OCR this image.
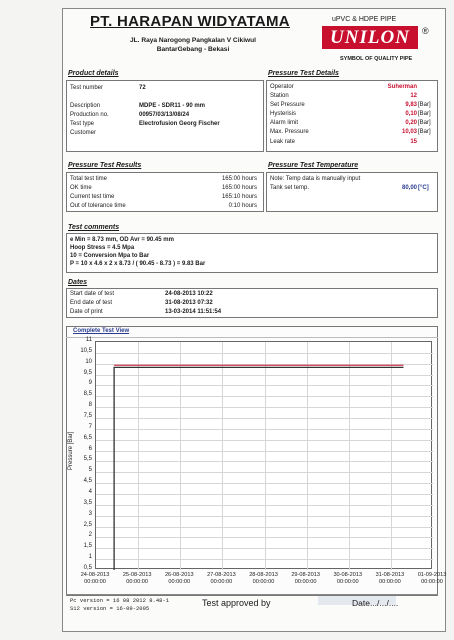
PT. HARAPAN WIDYATAMA
JL. Raya Narogong Pangkalan V Cikiwul
BantarGebang - Bekasi
uPVC & HDPE PIPE
UNILON	®
SYMBOL OF QUALITY PIPE
Product details
Test number	72
Description	MDPE - SDR11 - 90 mm
Production no.	00957/03/13/08/24
Test type	Electrofusion Georg Fischer
Customer
Pressure Test Details
Operator	Suherman
Station	12
Set Pressure	9,83 [Bar]
Hysterisis	0,10 [Bar]
Alarm limit	0,20 [Bar]
Max. Pressure	10,03 [Bar]
Leak rate	15
Pressure Test Results
Total test time	165:00 hours
OK time	165:00 hours
Current test time	165:10 hours
Out of tolerance time	0:10 hours
Pressure Test Temperature
Note: Temp data is manually input
Tank set temp.	80,00 [°C]
Test comments
e Min = 8.73 mm, OD Avr = 90.45 mm
Hoop Stress = 4.5 Mpa
10 = Conversion Mpa to Bar
P = 10 x 4.6 x 2 x 8.73 / ( 90.45 - 8.73 ) = 9.83 Bar
Dates
Start date of test	24-08-2013 10:22
End date of test	31-08-2013 07:32
Date of print	13-03-2014 11:51:54
Complete Test View
Pressure [Bar]
11
10,5
10
9,5
9
8,5
8
7,5
7
6,5
6
5,5
5
4,5
4
3,5
3
2,5
2
1,5
1
0,5
24-08-2013
00:00:00
25-08-2013
00:00:00
26-08-2013
00:00:00
27-08-2013
00:00:00
28-08-2013
00:00:00
29-08-2013
00:00:00
30-08-2013
00:00:00
31-08-2013
00:00:00
01-09-2013
00:00:00
Pc version = 16 08 2012 8.48-1
S12 version = 16-09-2005
Test approved by	Date.../.../....
